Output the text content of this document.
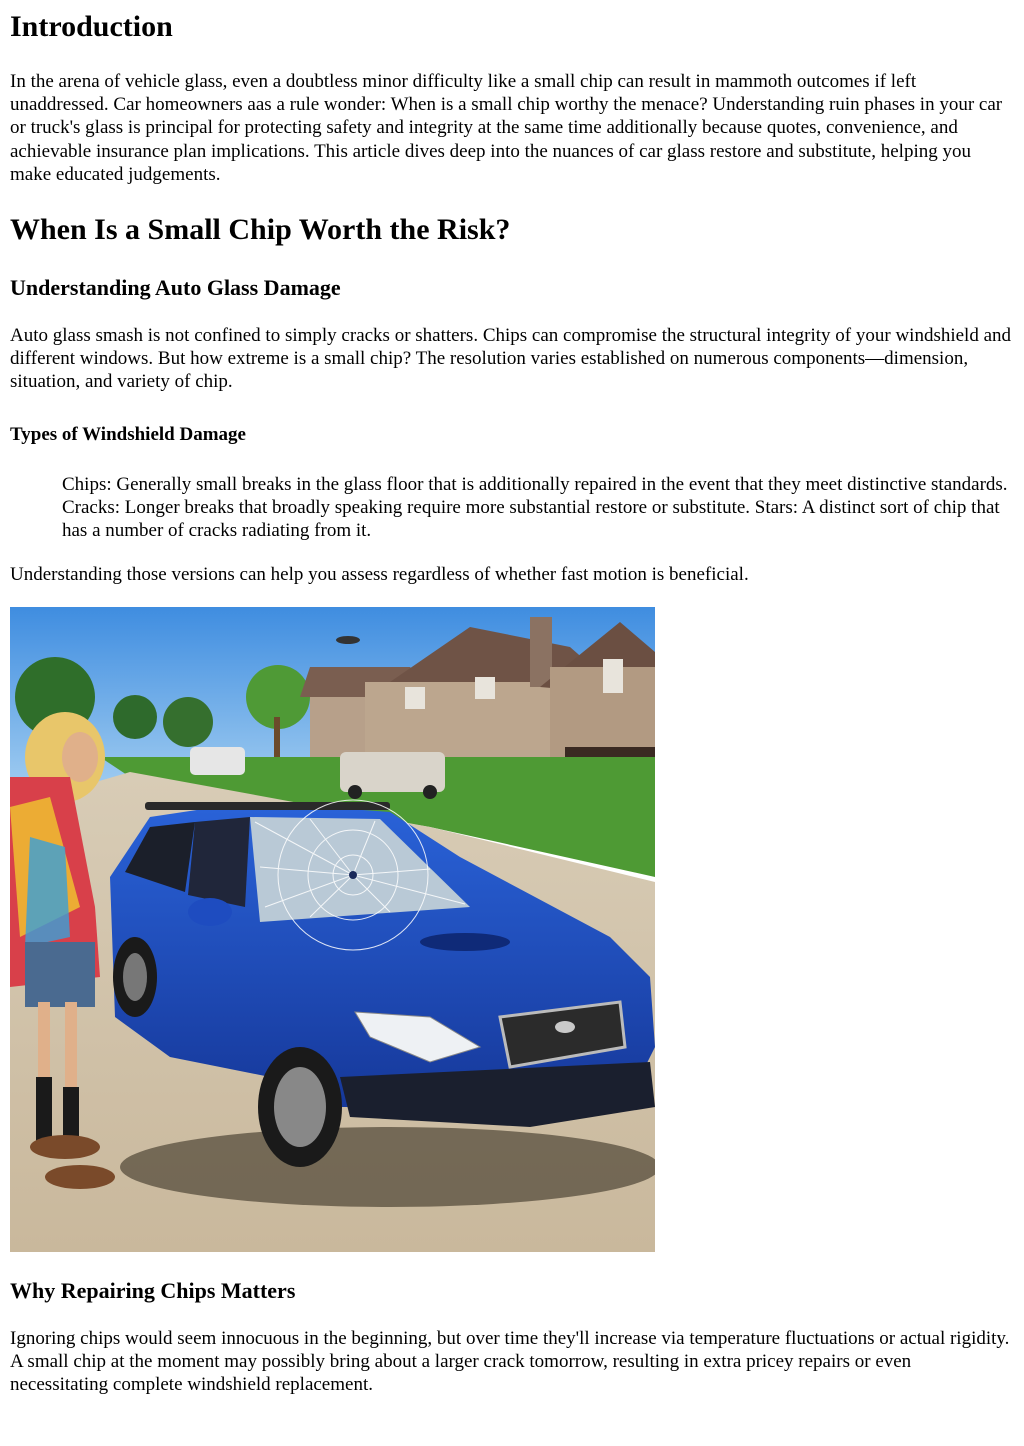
Introduction

In the arena of vehicle glass, even a doubtless minor difficulty like a small chip can result in mammoth outcomes if left unaddressed. Car homeowners aas a rule wonder: When is a small chip worthy the menace? Understanding ruin phases in your car or truck's glass is principal for protecting safety and integrity at the same time additionally because quotes, convenience, and achievable insurance plan implications. This article dives deep into the nuances of car glass restore and substitute, helping you make educated judgements.

When Is a Small Chip Worth the Risk?
Understanding Auto Glass Damage

Auto glass smash is not confined to simply cracks or shatters. Chips can compromise the structural integrity of your windshield and different windows. But how extreme is a small chip? The resolution varies established on numerous components—dimension, situation, and variety of chip.

Types of Windshield Damage
Chips: Generally small breaks in the glass floor that is additionally repaired in the event that they meet distinctive standards. Cracks: Longer breaks that broadly speaking require more substantial restore or substitute. Stars: A distinct sort of chip that has a number of cracks radiating from it.

Understanding those versions can help you assess regardless of whether fast motion is beneficial.

Why Repairing Chips Matters

Ignoring chips would seem innocuous in the beginning, but over time they'll increase via temperature fluctuations or actual rigidity. A small chip at the moment may possibly bring about a larger crack tomorrow, resulting in extra pricey repairs or even necessitating complete windshield replacement.
